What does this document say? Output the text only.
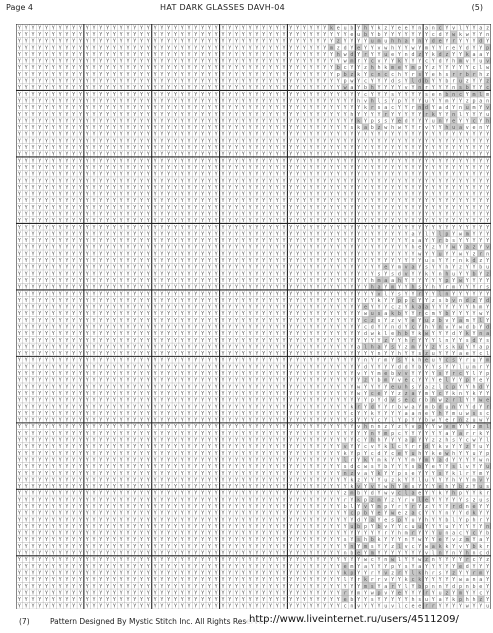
Page 4	HAT DARK GLASSES DAVH-04	(5)
Y Y Y Y Y Y Y Y Y Y Y Y Y Y Y Y Y Y Y Y Y Y Y Y Y Y Y Y Y Y Y Y Y Y Y Y Y Y Y Y Y Y Y Y Y Y k e u b Y h Y k z Y e e Y n a n c Y v l Y Y a z
Y Y Y Y Y Y Y Y Y Y Y Y Y Y Y Y Y Y Y Y Y Y Y Y Y Y Y Y Y Y Y Y Y Y Y Y Y Y Y Y Y Y Y Y Y Y Y Y Y e u b Y b Y Y Y Y Y Y Y c d Y w k w Y Y n
Y Y Y Y Y Y Y Y Y Y Y Y Y Y Y Y Y Y Y Y Y Y Y Y Y Y Y Y Y Y Y Y Y Y Y Y Y Y Y Y Y Y Y Y Y Y Y z Y Y Y Y u m u h h a Y n Y d e Y r Y Y Y d Y
Y Y Y Y Y Y Y Y Y Y Y Y Y Y Y Y Y Y Y Y Y Y Y Y Y Y Y Y Y Y Y Y Y Y Y Y Y Y Y Y Y Y Y Y Y Y m z d Y e Y Y v w h Y Y w Y m Y Y r e Y d Y Y p
Y Y Y Y Y Y Y Y Y Y Y Y Y Y Y Y Y Y Y Y Y Y Y Y Y Y Y Y Y Y Y Y Y Y Y Y Y Y Y Y Y Y Y Y Y Y Y h w d Y r Y Y u e Y n d z Y k d z Y Y k a a Y
Y Y Y Y Y Y Y Y Y Y Y Y Y Y Y Y Y Y Y Y Y Y Y Y Y Y Y Y Y Y Y Y Y Y Y Y Y Y Y Y Y Y Y Y Y Y Y Y w m r Y c v Y Y k Y Y Y c Y d Y h m v Y u v
Y Y Y Y Y Y Y Y Y Y Y Y Y Y Y Y Y Y Y Y Y Y Y Y Y Y Y Y Y Y Y Y Y Y Y Y Y Y Y Y Y Y Y Y Y Y Y b c Y Y z h h k m e Y m p Y z Y Y Y Y Y c l w
Y Y Y Y Y Y Y Y Y Y Y Y Y Y Y Y Y Y Y Y Y Y Y Y Y Y Y Y Y Y Y Y Y Y Y Y Y Y Y Y Y Y Y Y Y Y Y p b z k Y c n c c h Y r s Y e h s r r b r h z
Y Y Y Y Y Y Y Y Y Y Y Y Y Y Y Y Y Y Y Y Y Y Y Y Y Y Y Y Y Y Y Y Y Y Y Y Y Y Y Y Y Y Y Y Y Y Y Y p w Y c Y Y Y d s Y l d b Y Y b r u z Y Y z
Y Y Y Y Y Y Y Y Y Y Y Y Y Y Y Y Y Y Y Y Y Y Y Y Y Y Y Y Y Y Y Y Y Y Y Y Y Y Y Y Y Y Y Y Y Y Y Y w a Y b h Y Y Y Y v Y n r Y Y Y n s b Y Y c
Y Y Y Y Y Y Y Y Y Y Y Y Y Y Y Y Y Y Y Y Y Y Y Y Y Y Y Y Y Y Y Y Y Y Y Y Y Y Y Y Y Y Y Y Y Y Y Y Y Y Y c Y Y Y s Y Y Y Y s e n b n c Y m l m
Y Y Y Y Y Y Y Y Y Y Y Y Y Y Y Y Y Y Y Y Y Y Y Y Y Y Y Y Y Y Y Y Y Y Y Y Y Y Y Y Y Y Y Y Y Y Y Y Y Y h v h l s Y p Y Y Y u Y Y m Y Y z p a n
Y Y Y Y Y Y Y Y Y Y Y Y Y Y Y Y Y Y Y Y Y Y Y Y Y Y Y Y Y Y Y Y Y Y Y Y Y Y Y Y Y Y Y Y Y Y Y Y Y Y Y k r s a c Y Y r n d Y a d Y n u m Y v
Y Y Y Y Y Y Y Y Y Y Y Y Y Y Y Y Y Y Y Y Y Y Y Y Y Y Y Y Y Y Y Y Y Y Y Y Y Y Y Y Y Y Y Y Y Y Y Y Y h Y Y Y Y r Y Y Y Y Y r k Y Y n l Y Y Y u
Y Y Y Y Y Y Y Y Y Y Y Y Y Y Y Y Y Y Y Y Y Y Y Y Y Y Y Y Y Y Y Y Y Y Y Y Y Y Y Y Y Y Y Y Y Y Y Y Y Y k Y p s s Y e d Y Y Y u n Y e Y Y c Y h
Y Y Y Y Y Y Y Y Y Y Y Y Y Y Y Y Y Y Y Y Y Y Y Y Y Y Y Y Y Y Y Y Y Y Y Y Y Y Y Y Y Y Y Y Y Y Y Y Y s k a b z w h w Y Y r v Y Y h u a v e n Y
Y Y Y Y Y Y Y Y Y Y Y Y Y Y Y Y Y Y Y Y Y Y Y Y Y Y Y Y Y Y Y Y Y Y Y Y Y Y Y Y Y Y Y Y Y Y Y Y Y Y Y Y Y Y Y Y Y Y Y Y Y Y Y Y Y Y Y Y Y Y
Y Y Y Y Y Y Y Y Y Y Y Y Y Y Y Y Y Y Y Y Y Y Y Y Y Y Y Y Y Y Y Y Y Y Y Y Y Y Y Y Y Y Y Y Y Y Y Y Y Y Y Y Y Y Y Y Y Y Y Y Y Y Y Y Y Y Y Y Y Y
Y Y Y Y Y Y Y Y Y Y Y Y Y Y Y Y Y Y Y Y Y Y Y Y Y Y Y Y Y Y Y Y Y Y Y Y Y Y Y Y Y Y Y Y Y Y Y Y Y Y Y Y Y Y Y Y Y Y Y Y Y Y Y Y Y Y Y Y Y Y
Y Y Y Y Y Y Y Y Y Y Y Y Y Y Y Y Y Y Y Y Y Y Y Y Y Y Y Y Y Y Y Y Y Y Y Y Y Y Y Y Y Y Y Y Y Y Y Y Y Y Y Y Y Y Y Y Y Y Y Y Y Y Y Y Y Y Y Y Y Y
Y Y Y Y Y Y Y Y Y Y Y Y Y Y Y Y Y Y Y Y Y Y Y Y Y Y Y Y Y Y Y Y Y Y Y Y Y Y Y Y Y Y Y Y Y Y Y Y Y Y Y Y Y Y Y Y Y Y Y Y Y Y Y Y Y Y Y Y Y Y
Y Y Y Y Y Y Y Y Y Y Y Y Y Y Y Y Y Y Y Y Y Y Y Y Y Y Y Y Y Y Y Y Y Y Y Y Y Y Y Y Y Y Y Y Y Y Y Y Y Y Y Y Y Y Y Y Y Y Y Y Y Y Y Y Y Y Y Y Y Y
Y Y Y Y Y Y Y Y Y Y Y Y Y Y Y Y Y Y Y Y Y Y Y Y Y Y Y Y Y Y Y Y Y Y Y Y Y Y Y Y Y Y Y Y Y Y Y Y Y Y Y Y Y Y Y Y Y Y Y Y Y Y Y Y Y Y Y Y Y Y
Y Y Y Y Y Y Y Y Y Y Y Y Y Y Y Y Y Y Y Y Y Y Y Y Y Y Y Y Y Y Y Y Y Y Y Y Y Y Y Y Y Y Y Y Y Y Y Y Y Y Y Y Y Y Y Y Y Y Y Y Y Y Y Y Y Y Y Y Y Y
Y Y Y Y Y Y Y Y Y Y Y Y Y Y Y Y Y Y Y Y Y Y Y Y Y Y Y Y Y Y Y Y Y Y Y Y Y Y Y Y Y Y Y Y Y Y Y Y Y Y Y Y Y Y Y Y Y Y Y Y Y Y Y Y Y Y Y Y Y Y
Y Y Y Y Y Y Y Y Y Y Y Y Y Y Y Y Y Y Y Y Y Y Y Y Y Y Y Y Y Y Y Y Y Y Y Y Y Y Y Y Y Y Y Y Y Y Y Y Y Y Y Y Y Y Y Y Y Y Y Y Y Y Y Y Y Y Y Y Y Y
Y Y Y Y Y Y Y Y Y Y Y Y Y Y Y Y Y Y Y Y Y Y Y Y Y Y Y Y Y Y Y Y Y Y Y Y Y Y Y Y Y Y Y Y Y Y Y Y Y Y Y Y Y Y Y Y Y Y Y Y Y Y Y Y Y Y Y Y Y Y
Y Y Y Y Y Y Y Y Y Y Y Y Y Y Y Y Y Y Y Y Y Y Y Y Y Y Y Y Y Y Y Y Y Y Y Y Y Y Y Y Y Y Y Y Y Y Y Y Y Y Y Y Y Y Y Y Y Y Y Y Y Y Y Y Y Y Y Y Y Y
Y Y Y Y Y Y Y Y Y Y Y Y Y Y Y Y Y Y Y Y Y Y Y Y Y Y Y Y Y Y Y Y Y Y Y Y Y Y Y Y Y Y Y Y Y Y Y Y Y Y Y Y Y Y Y Y Y Y Y Y Y Y Y Y Y Y Y Y Y Y
Y Y Y Y Y Y Y Y Y Y Y Y Y Y Y Y Y Y Y Y Y Y Y Y Y Y Y Y Y Y Y Y Y Y Y Y Y Y Y Y Y Y Y Y Y Y Y Y Y Y Y Y Y Y Y Y Y Y Y Y Y Y Y Y Y Y Y Y Y Y
Y Y Y Y Y Y Y Y Y Y Y Y Y Y Y Y Y Y Y Y Y Y Y Y Y Y Y Y Y Y Y Y Y Y Y Y Y Y Y Y Y Y Y Y Y Y Y Y Y Y Y Y Y Y Y Y Y Y Y Y Y Y Y Y Y Y Y Y Y Y
Y Y Y Y Y Y Y Y Y Y Y Y Y Y Y Y Y Y Y Y Y Y Y Y Y Y Y Y Y Y Y Y Y Y Y Y Y Y Y Y Y Y Y Y Y Y Y Y Y Y Y Y Y Y Y Y Y Y a Y l Y l p Y w m Y Y Y
Y Y Y Y Y Y Y Y Y Y Y Y Y Y Y Y Y Y Y Y Y Y Y Y Y Y Y Y Y Y Y Y Y Y Y Y Y Y Y Y Y Y Y Y Y Y Y Y Y Y Y Y Y Y Y Y Y Y s a Y Y r b s Y Y Y Y Y
Y Y Y Y Y Y Y Y Y Y Y Y Y Y Y Y Y Y Y Y Y Y Y Y Y Y Y Y Y Y Y Y Y Y Y Y Y Y Y Y Y Y Y Y Y Y Y Y Y Y Y Y Y Y Y Y Y Y h e Y z Y Y w Y a z Y v
Y Y Y Y Y Y Y Y Y Y Y Y Y Y Y Y Y Y Y Y Y Y Y Y Y Y Y Y Y Y Y Y Y Y Y Y Y Y Y Y Y Y Y Y Y Y Y Y Y Y Y Y Y Y Y Y Y Y Y w Y Y u Y Y w Y z r n
Y Y Y Y Y Y Y Y Y Y Y Y Y Y Y Y Y Y Y Y Y Y Y Y Y Y Y Y Y Y Y Y Y Y Y Y Y Y Y Y Y Y Y Y Y Y Y Y Y Y Y Y Y Y Y Y Y Y Y Y u s Y Y r n k d z Y
Y Y Y Y Y Y Y Y Y Y Y Y Y Y Y Y Y Y Y Y Y Y Y Y Y Y Y Y Y Y Y Y Y Y Y Y Y Y Y Y Y Y Y Y Y Y Y Y Y Y Y Y Y Y e Y m v a Y s Y Y h Y z Y Y b u
Y Y Y Y Y Y Y Y Y Y Y Y Y Y Y Y Y Y Y Y Y Y Y Y Y Y Y Y Y Y Y Y Y Y Y Y Y Y Y Y Y Y Y Y Y Y Y Y Y Y Y Y Y s Y s d v Y Y k Y n h u Y Y b Y z
Y Y Y Y Y Y Y Y Y Y Y Y Y Y Y Y Y Y Y Y Y Y Y Y Y Y Y Y Y Y Y Y Y Y Y Y Y Y Y Y Y Y Y Y Y Y Y Y Y Y Y Y h m a a h Y Y Y Y Y Y p Y w Y Y Y Y
Y Y Y Y Y Y Y Y Y Y Y Y Y Y Y Y Y Y Y Y Y Y Y Y Y Y Y Y Y Y Y Y Y Y Y Y Y Y Y Y Y Y Y Y Y Y Y Y Y Y Y Y h a Y m Y Y h s Y h Y r m Y Y Y r s
Y Y Y Y Y Y Y Y Y Y Y Y Y Y Y Y Y Y Y Y Y Y Y Y Y Y Y Y Y Y Y Y Y Y Y Y Y Y Y Y Y Y Y Y Y Y Y Y Y Y Y Y Y v l Y s Y Y r Y Y l n Y Y Y Y Y Y
Y Y Y Y Y Y Y Y Y Y Y Y Y Y Y Y Y Y Y Y Y Y Y Y Y Y Y Y Y Y Y Y Y Y Y Y Y Y Y Y Y Y Y Y Y Y Y Y Y Y Y Y Y k Y Y p p c Y Y z s b v n d z Y d
Y Y Y Y Y Y Y Y Y Y Y Y Y Y Y Y Y Y Y Y Y Y Y Y Y Y Y Y Y Y Y Y Y Y Y Y Y Y Y Y Y Y Y Y Y Y Y Y Y Y Y e Y Y Y c z Y k a a Y Y Y Y Y Y h m Y
Y Y Y Y Y Y Y Y Y Y Y Y Y Y Y Y Y Y Y Y Y Y Y Y Y Y Y Y Y Y Y Y Y Y Y Y Y Y Y Y Y Y Y Y Y Y Y Y Y Y Y w u s a k b Y Y r c m Y b Y Y Y Y w Y
Y Y Y Y Y Y Y Y Y Y Y Y Y Y Y Y Y Y Y Y Y Y Y Y Y Y Y Y Y Y Y Y Y Y Y Y Y Y Y Y Y Y Y Y Y Y Y Y Y Y Y c z s Y z v Y e Y u z b v Y a m Y l Y
Y Y Y Y Y Y Y Y Y Y Y Y Y Y Y Y Y Y Y Y Y Y Y Y Y Y Y Y Y Y Y Y Y Y Y Y Y Y Y Y Y Y Y Y Y Y Y Y Y Y Y c d Y Y n d Y c Y h Y n v Y w d b Y d
Y Y Y Y Y Y Y Y Y Y Y Y Y Y Y Y Y Y Y Y Y Y Y Y Y Y Y Y Y Y Y Y Y Y Y Y Y Y Y Y Y Y Y Y Y Y Y Y Y Y Y d w k l e h b Y k w Y Y Y d Y k Y n a
Y Y Y Y Y Y Y Y Y Y Y Y Y Y Y Y Y Y Y Y Y Y Y Y Y Y Y Y Y Y Y Y Y Y Y Y Y Y Y Y Y Y Y Y Y Y Y Y Y Y Y Y Y Y z Y Y h r Y Y Y l n Y Y s d Y s
Y Y Y Y Y Y Y Y Y Y Y Y Y Y Y Y Y Y Y Y Y Y Y Y Y Y Y Y Y Y Y Y Y Y Y Y Y Y Y Y Y Y Y Y Y Y Y Y Y Y a l h a Y s Y z m Y Y z Y s k u Y Y a p
Y Y Y Y Y Y Y Y Y Y Y Y Y Y Y Y Y Y Y Y Y Y Y Y Y Y Y Y Y Y Y Y Y Y Y Y Y Y Y Y Y Y Y Y Y Y Y Y Y Y Y Y Y n Y Y h Y Y s z u Y Y Y a e Y c l
Y Y Y Y Y Y Y Y Y Y Y Y Y Y Y Y Y Y Y Y Y Y Y Y Y Y Y Y Y Y Y Y Y Y Y Y Y Y Y Y Y Y Y Y Y Y Y Y Y Y Y n Y r m Y s Y k h e u Y c s Y r u Y m
Y Y Y Y Y Y Y Y Y Y Y Y Y Y Y Y Y Y Y Y Y Y Y Y Y Y Y Y Y Y Y Y Y Y Y Y Y Y Y Y Y Y Y Y Y Y Y Y Y Y Y d Y Y Y Y d d Y b Y Y s Y Y l u m r Y
Y Y Y Y Y Y Y Y Y Y Y Y Y Y Y Y Y Y Y Y Y Y Y Y Y Y Y Y Y Y Y Y Y Y Y Y Y Y Y Y Y Y Y Y Y Y Y Y Y Y v Y Y m e b v v Y Y Y Y s Y r c Y l Y p
Y Y Y Y Y Y Y Y Y Y Y Y Y Y Y Y Y Y Y Y Y Y Y Y Y Y Y Y Y Y Y Y Y Y Y Y Y Y Y Y Y Y Y Y Y Y Y Y Y Y Y z Y b m Y v e c Y Y Y e l Y Y p Y e Y
Y Y Y Y Y Y Y Y Y Y Y Y Y Y Y Y Y Y Y Y Y Y Y Y Y Y Y Y Y Y Y Y Y Y Y Y Y Y Y Y Y Y Y Y Y Y Y Y Y Y w Y Y Y Y e u h s Y a z l c p Y Y h d Y
Y Y Y Y Y Y Y Y Y Y Y Y Y Y Y Y Y Y Y Y Y Y Y Y Y Y Y Y Y Y Y Y Y Y Y Y Y Y Y Y Y Y Y Y Y Y Y Y Y Y w Y c e Y Y z z a Y m Y c Y k n Y k Y Y
Y Y Y Y Y Y Y Y Y Y Y Y Y Y Y Y Y Y Y Y Y Y Y Y Y Y Y Y Y Y Y Y Y Y Y Y Y Y Y Y Y Y Y Y Y Y Y Y Y Y Y Y p Y d v s e c r b n w z r l Y Y w e
Y Y Y Y Y Y Y Y Y Y Y Y Y Y Y Y Y Y Y Y Y Y Y Y Y Y Y Y Y Y Y Y Y Y Y Y Y Y Y Y Y Y Y Y Y Y Y Y Y k r Y d Y Y r b w a Y m b d u n Y Y d Y r
Y Y Y Y Y Y Y Y Y Y Y Y Y Y Y Y Y Y Y Y Y Y Y Y Y Y Y Y Y Y Y Y Y Y Y Y Y Y Y Y Y Y Y Y Y Y Y Y Y c Y Y k Y Y Y Y a a n e Y h Y m u w s s c
Y Y Y Y Y Y Y Y Y Y Y Y Y Y Y Y Y Y Y Y Y Y Y Y Y Y Y Y Y Y Y Y Y Y Y Y Y Y Y Y Y Y Y Y Y Y Y Y Y s Y Y Y c Y l Y p Y Y b w Y e r n z u w Y
Y Y Y Y Y Y Y Y Y Y Y Y Y Y Y Y Y Y Y Y Y Y Y Y Y Y Y Y Y Y Y Y Y Y Y Y Y Y Y Y Y Y Y Y Y Y Y Y Y Y v h n n z Y z Y v p Y Y w v m Y Y z m l
Y Y Y Y Y Y Y Y Y Y Y Y Y Y Y Y Y Y Y Y Y Y Y Y Y Y Y Y Y Y Y Y Y Y Y Y Y Y Y Y Y Y Y Y Y Y Y Y Y Y Y Y n Y m p c Y Y Y Y Y Y a Y a r r k Y
Y Y Y Y Y Y Y Y Y Y Y Y Y Y Y Y Y Y Y Y Y Y Y Y Y Y Y Y Y Y Y Y Y Y Y Y Y Y Y Y Y Y Y Y Y Y Y Y Y Y c Y h h Y Y Y a p Y Y z z h s Y c w Y l
Y Y Y Y Y Y Y Y Y Y Y Y Y Y Y Y Y Y Y Y Y Y Y Y Y Y Y Y Y Y Y Y Y Y Y Y Y Y Y Y Y Y Y Y Y Y Y Y v Y Y c v Y k l c Y r r d Y k v Y Y z Y u Y
Y Y Y Y Y Y Y Y Y Y Y Y Y Y Y Y Y Y Y Y Y Y Y Y Y Y Y Y Y Y Y Y Y Y Y Y Y Y Y Y Y Y Y Y Y Y Y Y k Y p Y c d Y c e Y u h Y k e w h Y Y u Y p
Y Y Y Y Y Y Y Y Y Y Y Y Y Y Y Y Y Y Y Y Y Y Y Y Y Y Y Y Y Y Y Y Y Y Y Y Y Y Y Y Y Y Y Y Y Y Y Y l r Y k Y m k Y Y Y m Y m Y a d Y Y Y Y w n
Y Y Y Y Y Y Y Y Y Y Y Y Y Y Y Y Y Y Y Y Y Y Y Y Y Y Y Y Y Y Y Y Y Y Y Y Y Y Y Y Y Y Y Y Y Y Y Y s d c w s Y b Y Y Y s b Y e Y Y s l v Y Y u
Y Y Y Y Y Y Y Y Y Y Y Y Y Y Y Y Y Y Y Y Y Y Y Y Y Y Y Y Y Y Y Y Y Y Y Y Y Y Y Y Y Y Y Y Y Y Y Y n z v a Y k Y Y p s e Y Y Y s Y k l r Y m Y
Y Y Y Y Y Y Y Y Y Y Y Y Y Y Y Y Y Y Y Y Y Y Y Y Y Y Y Y Y Y Y Y Y Y Y Y Y Y Y Y Y Y Y Y Y Y Y Y Y k z Y Y Y u z k Y Y l u Y Y Y h Y Y m v Y
Y Y Y Y Y Y Y Y Y Y Y Y Y Y Y Y Y Y Y Y Y Y Y Y Y Y Y Y Y Y Y Y Y Y Y Y Y Y Y Y Y Y Y Y Y Y Y Y Y k v Y v Y w h Y e s Y Y Y e h Y b z Y u s
Y Y Y Y Y Y Y Y Y Y Y Y Y Y Y Y Y Y Y Y Y Y Y Y Y Y Y Y Y Y Y Y Y Y Y Y Y Y Y Y Y Y Y Y Y Y Y Y z m b Y d Y w v c l a e Y Y k Y h p Y Y k r
Y Y Y Y Y Y Y Y Y Y Y Y Y Y Y Y Y Y Y Y Y Y Y Y Y Y Y Y Y Y Y Y Y Y Y Y Y Y Y Y Y Y Y Y Y Y Y Y r Y k p z m Y z Y r v l e Y Y Y Y Y s z u s
Y Y Y Y Y Y Y Y Y Y Y Y Y Y Y Y Y Y Y Y Y Y Y Y Y Y Y Y Y Y Y Y Y Y Y Y Y Y Y Y Y Y Y Y Y Y Y Y b l Y v Y m p Y r Y r Y z Y Y Y r d n e Y Y
Y Y Y Y Y Y Y Y Y Y Y Y Y Y Y Y Y Y Y Y Y Y Y Y Y Y Y Y Y Y Y Y Y Y Y Y Y Y Y Y Y Y Y Y Y Y Y Y Y c p b Y e Y w e z a c Y Y Y n Y Y d k Y Y
Y Y Y Y Y Y Y Y Y Y Y Y Y Y Y Y Y Y Y Y Y Y Y Y Y Y Y Y Y Y Y Y Y Y Y Y Y Y Y Y Y Y Y Y Y Y Y Y Y Y d Y a Y e s p Y u Y h Y Y b l Y p h r Y
Y Y Y Y Y Y Y Y Y Y Y Y Y Y Y Y Y Y Y Y Y Y Y Y Y Y Y Y Y Y Y Y Y Y Y Y Y Y Y Y Y Y Y Y Y Y Y Y Y u b p Y b v Y Y c u u Y Y Y u Y Y Y Y Y n
Y Y Y Y Y Y Y Y Y Y Y Y Y Y Y Y Y Y Y Y Y Y Y Y Y Y Y Y Y Y Y Y Y Y Y Y Y Y Y Y Y Y Y Y Y Y Y Y Y Y Y Y Y Y r Y h m r Y Y Y u n a c Y c Y b
Y Y Y Y Y Y Y Y Y Y Y Y Y Y Y Y Y Y Y Y Y Y Y Y Y Y Y Y Y Y Y Y Y Y Y Y Y Y Y Y Y Y Y Y Y Y Y Y s Y s h b k Y Y Y n Y w Y Y e Y v z m Y a Y
Y Y Y Y Y Y Y Y Y Y Y Y Y Y Y Y Y Y Y Y Y Y Y Y Y Y Y Y Y Y Y Y Y Y Y Y Y Y Y Y Y Y Y Y Y Y Y Y Y n Y m s Y Y z l v c Y w a k k Y v Y b k r
Y Y Y Y Y Y Y Y Y Y Y Y Y Y Y Y Y Y Y Y Y Y Y Y Y Y Y Y Y Y Y Y Y Y Y Y Y Y Y Y Y Y Y Y Y Y Y Y n b e Y m Y Y Y Y Y Y Y v l n Y n Y h n c d
Y Y Y Y Y Y Y Y Y Y Y Y Y Y Y Y Y Y Y Y Y Y Y Y Y Y Y Y Y Y Y Y Y Y Y Y Y Y Y Y Y Y Y Y Y Y Y Y Y Y Y w c Y n w l Y Y w z n Y Y Y Y r c Y z
Y Y Y Y Y Y Y Y Y Y Y Y Y Y Y Y Y Y Y Y Y Y Y Y Y Y Y Y Y Y Y Y Y Y Y Y Y Y Y Y Y Y Y Y Y Y Y Y e m Y a Y Y Y p Y s Y a Y Y Y Y Y e d Y Y Y
Y Y Y Y Y Y Y Y Y Y Y Y Y Y Y Y Y Y Y Y Y Y Y Y Y Y Y Y Y Y Y Y Y Y Y Y Y Y Y Y Y Y Y Y Y Y Y Y k p Y Y r Y v z r Y l k h r s Y z Y Y r m Y
Y Y Y Y Y Y Y Y Y Y Y Y Y Y Y Y Y Y Y Y Y Y Y Y Y Y Y Y Y Y Y Y Y Y Y Y Y Y Y Y Y Y Y Y Y Y Y Y l Y r k r r v Y Y k c k Y Y Y Y Y w a n a Y
Y Y Y Y Y Y Y Y Y Y Y Y Y Y Y Y Y Y Y Y Y Y Y Y Y Y Y Y Y Y Y Y Y Y Y Y Y Y Y Y Y Y Y Y Y Y Y Y Y Y Y m s Y a r Y l Y b p n n Y d p n b e Y
Y Y Y Y Y Y Y Y Y Y Y Y Y Y Y Y Y Y Y Y Y Y Y Y Y Y Y Y Y Y Y Y Y Y Y Y Y Y Y Y Y Y Y Y Y Y Y Y r Y m Y w p v Y e Y Y Y r Y u z Y m Y Y c Y
Y Y Y Y Y Y Y Y Y Y Y Y Y Y Y Y Y Y Y Y Y Y Y Y Y Y Y Y Y Y Y Y Y Y Y Y Y Y Y Y Y Y Y Y Y Y Y Y e b Y Y s Y Y Y Y Y h s u Y a Y k p h h z Y
Y Y Y Y Y Y Y Y Y Y Y Y Y Y Y Y Y Y Y Y Y Y Y Y Y Y Y Y Y Y Y Y Y Y Y Y Y Y Y Y Y Y Y Y Y Y Y Y c n v Y Y Y u v l c e e r r Y Y Y Y w Y Y u
(7)	Pattern Designed By Mystic Stitch Inc. All Rights Reserved
http://www.liveinternet.ru/users/4511209/
